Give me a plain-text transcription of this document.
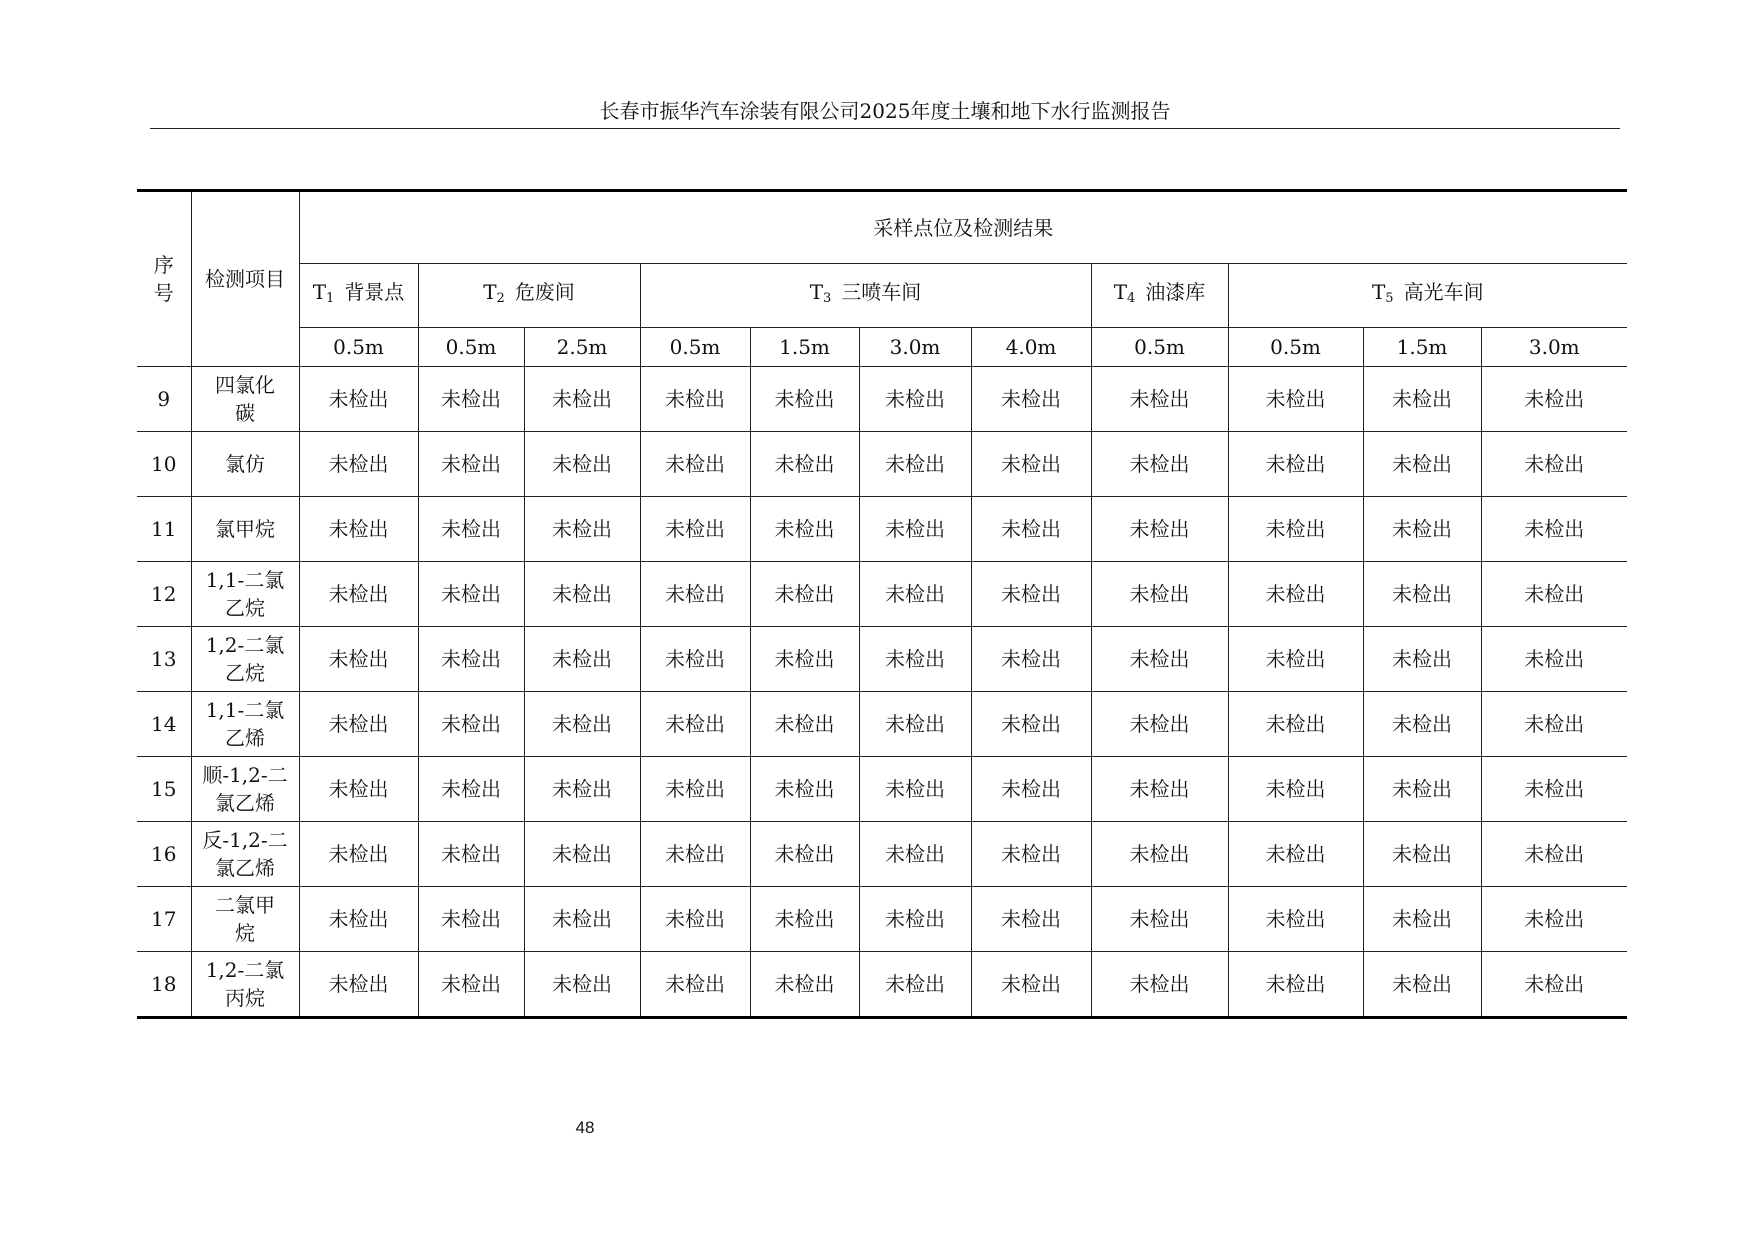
长春市振华汽车涂装有限公司2025年度土壤和地下水行监测报告
序
号	检测项目	采样点位及检测结果										
		$T_1$  背景点	$T_2$  危废间		$T_3$  三喷车间				$T_4$  油漆库	$T_5$  高光车间		
		0.5m	0.5m	2.5m	0.5m	1.5m	3.0m	4.0m	0.5m	0.5m	1.5m	3.0m
9	四氯化
碳	未检出	未检出	未检出	未检出	未检出	未检出	未检出	未检出	未检出	未检出	未检出
10	氯仿	未检出	未检出	未检出	未检出	未检出	未检出	未检出	未检出	未检出	未检出	未检出
11	氯甲烷	未检出	未检出	未检出	未检出	未检出	未检出	未检出	未检出	未检出	未检出	未检出
12	1,1-二氯
乙烷	未检出	未检出	未检出	未检出	未检出	未检出	未检出	未检出	未检出	未检出	未检出
13	1,2-二氯
乙烷	未检出	未检出	未检出	未检出	未检出	未检出	未检出	未检出	未检出	未检出	未检出
14	1,1-二氯
乙烯	未检出	未检出	未检出	未检出	未检出	未检出	未检出	未检出	未检出	未检出	未检出
15	顺-1,2-二
氯乙烯	未检出	未检出	未检出	未检出	未检出	未检出	未检出	未检出	未检出	未检出	未检出
16	反-1,2-二
氯乙烯	未检出	未检出	未检出	未检出	未检出	未检出	未检出	未检出	未检出	未检出	未检出
17	二氯甲
烷	未检出	未检出	未检出	未检出	未检出	未检出	未检出	未检出	未检出	未检出	未检出
18	1,2-二氯
丙烷	未检出	未检出	未检出	未检出	未检出	未检出	未检出	未检出	未检出	未检出	未检出
48
